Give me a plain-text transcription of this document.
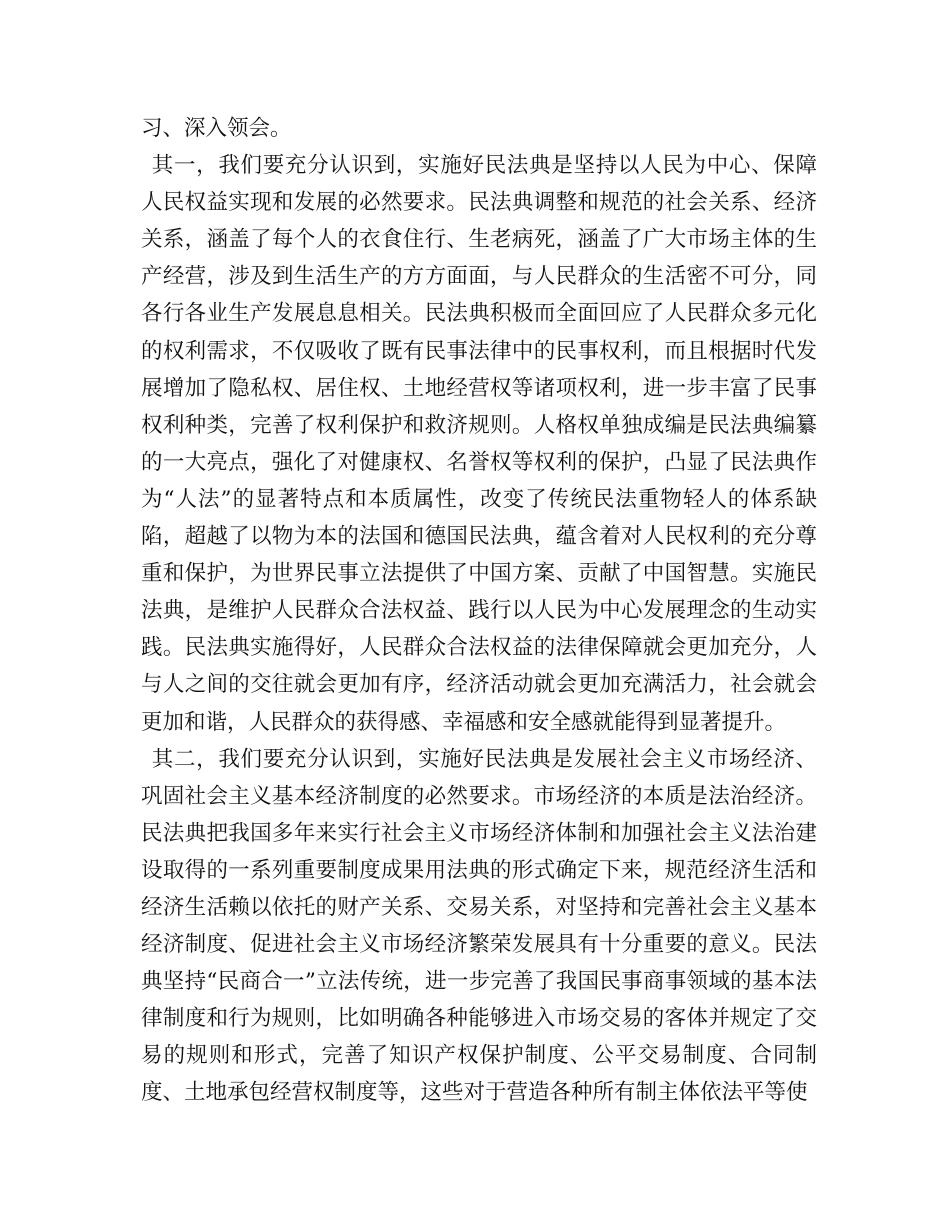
习、深入领会。

其一，我们要充分认识到，实施好民法典是坚持以人民为中心、保障人民权益实现和发展的必然要求。民法典调整和规范的社会关系、经济关系，涵盖了每个人的衣食住行、生老病死，涵盖了广大市场主体的生产经营，涉及到生活生产的方方面面，与人民群众的生活密不可分，同各行各业生产发展息息相关。民法典积极而全面回应了人民群众多元化的权利需求，不仅吸收了既有民事法律中的民事权利，而且根据时代发展增加了隐私权、居住权、土地经营权等诸项权利，进一步丰富了民事权利种类，完善了权利保护和救济规则。人格权单独成编是民法典编纂的一大亮点，强化了对健康权、名誉权等权利的保护，凸显了民法典作为“人法”的显著特点和本质属性，改变了传统民法重物轻人的体系缺陷，超越了以物为本的法国和德国民法典，蕴含着对人民权利的充分尊重和保护，为世界民事立法提供了中国方案、贡献了中国智慧。实施民法典，是维护人民群众合法权益、践行以人民为中心发展理念的生动实践。民法典实施得好，人民群众合法权益的法律保障就会更加充分，人与人之间的交往就会更加有序，经济活动就会更加充满活力，社会就会更加和谐，人民群众的获得感、幸福感和安全感就能得到显著提升。

其二，我们要充分认识到，实施好民法典是发展社会主义市场经济、巩固社会主义基本经济制度的必然要求。市场经济的本质是法治经济。民法典把我国多年来实行社会主义市场经济体制和加强社会主义法治建设取得的一系列重要制度成果用法典的形式确定下来，规范经济生活和经济生活赖以依托的财产关系、交易关系，对坚持和完善社会主义基本经济制度、促进社会主义市场经济繁荣发展具有十分重要的意义。民法典坚持“民商合一”立法传统，进一步完善了我国民事商事领域的基本法律制度和行为规则，比如明确各种能够进入市场交易的客体并规定了交易的规则和形式，完善了知识产权保护制度、公平交易制度、合同制度、土地承包经营权制度等，这些对于营造各种所有制主体依法平等使
